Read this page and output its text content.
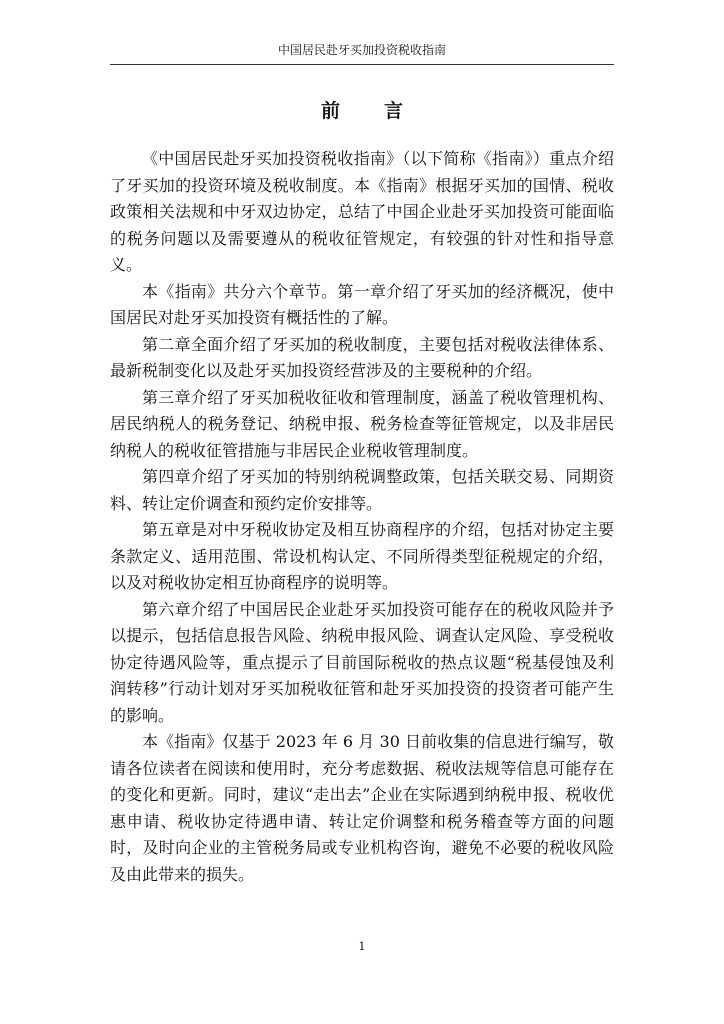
中国居民赴牙买加投资税收指南
前言

《中国居民赴牙买加投资税收指南》（以下简称《指南》）重点介绍了牙买加的投资环境及税收制度。本《指南》根据牙买加的国情、税收政策相关法规和中牙双边协定，总结了中国企业赴牙买加投资可能面临的税务问题以及需要遵从的税收征管规定，有较强的针对性和指导意义。

本《指南》共分六个章节。第一章介绍了牙买加的经济概况，使中国居民对赴牙买加投资有概括性的了解。

第二章全面介绍了牙买加的税收制度，主要包括对税收法律体系、最新税制变化以及赴牙买加投资经营涉及的主要税种的介绍。

第三章介绍了牙买加税收征收和管理制度，涵盖了税收管理机构、居民纳税人的税务登记、纳税申报、税务检查等征管规定，以及非居民纳税人的税收征管措施与非居民企业税收管理制度。

第四章介绍了牙买加的特别纳税调整政策，包括关联交易、同期资料、转让定价调查和预约定价安排等。

第五章是对中牙税收协定及相互协商程序的介绍，包括对协定主要条款定义、适用范围、常设机构认定、不同所得类型征税规定的介绍，以及对税收协定相互协商程序的说明等。

第六章介绍了中国居民企业赴牙买加投资可能存在的税收风险并予以提示，包括信息报告风险、纳税申报风险、调查认定风险、享受税收协定待遇风险等，重点提示了目前国际税收的热点议题“税基侵蚀及利润转移”行动计划对牙买加税收征管和赴牙买加投资的投资者可能产生的影响。

本《指南》仅基于 2023 年 6 月 30 日前收集的信息进行编写，敬请各位读者在阅读和使用时，充分考虑数据、税收法规等信息可能存在的变化和更新。同时，建议“走出去”企业在实际遇到纳税申报、税收优惠申请、税收协定待遇申请、转让定价调整和税务稽查等方面的问题时，及时向企业的主管税务局或专业机构咨询，避免不必要的税收风险及由此带来的损失。

1
